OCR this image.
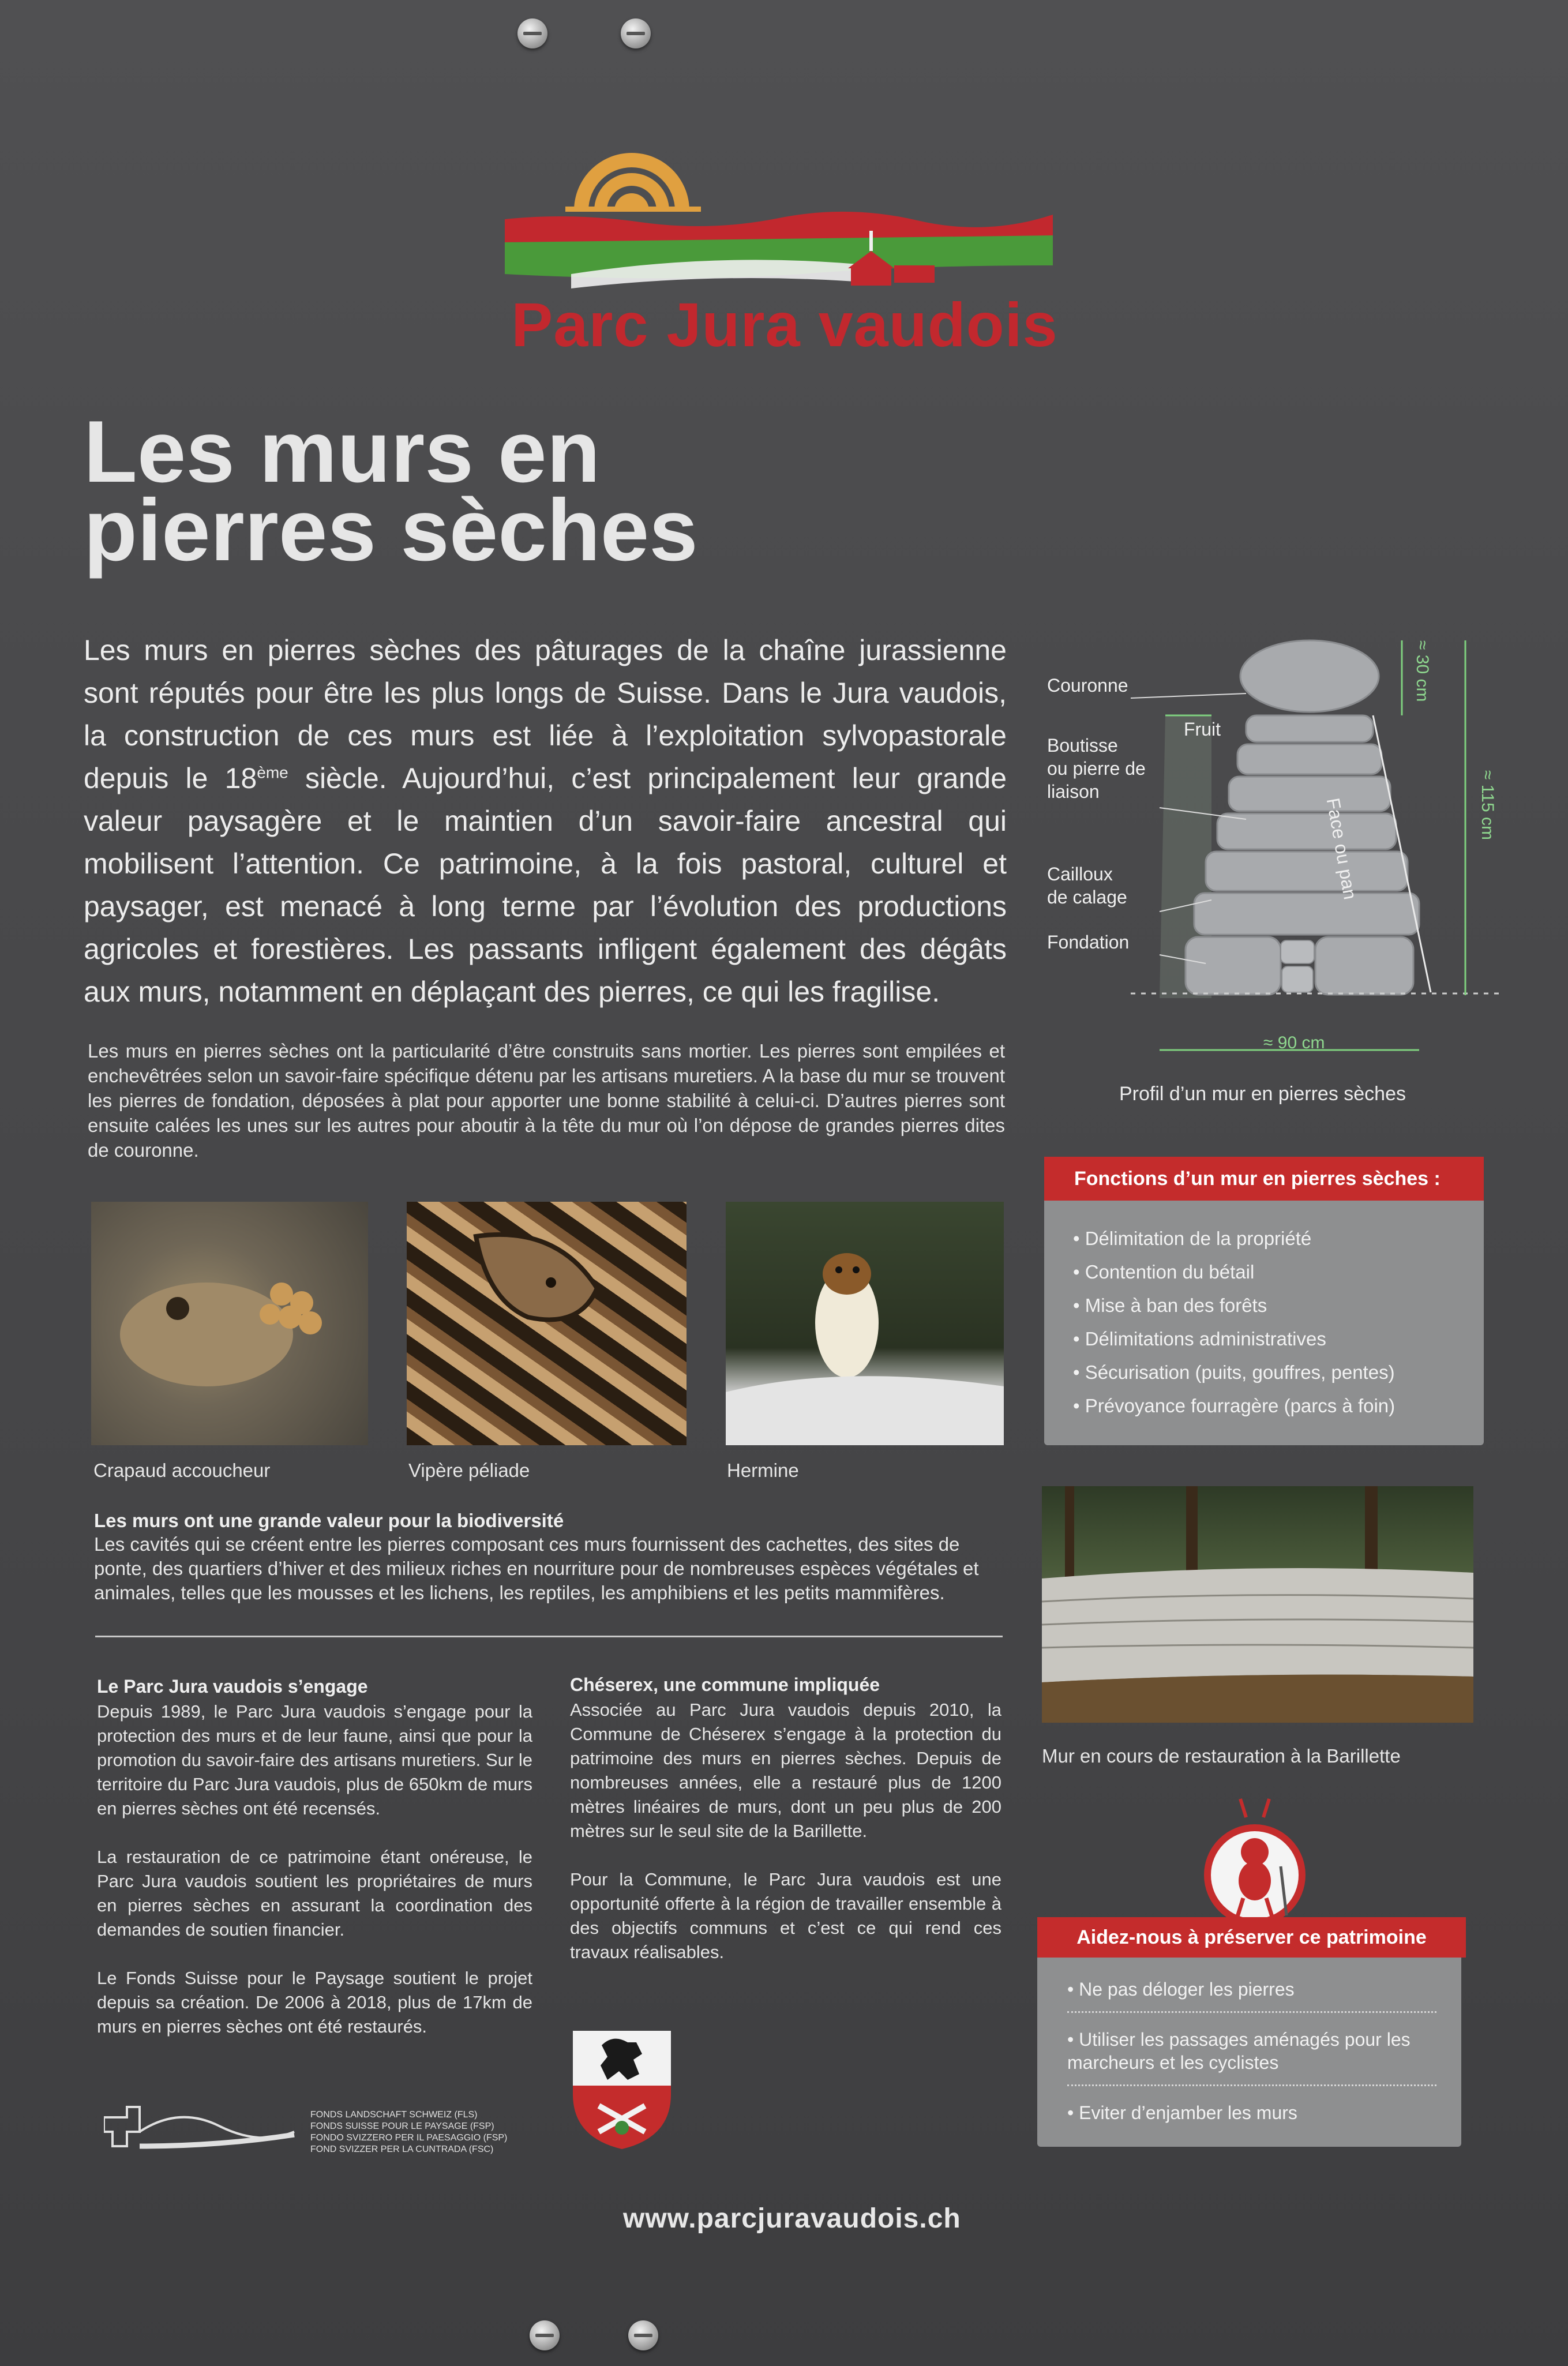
Parc Jura vaudois
Les murs en
pierres sèches
Les murs en pierres sèches des pâturages de la chaîne jurassienne sont réputés pour être les plus longs de Suisse. Dans le Jura vaudois, la construction de ces murs est liée à l’exploitation sylvopastorale depuis le 18ème siècle. Aujourd’hui, c’est principalement leur grande valeur paysagère et le maintien d’un savoir-faire ancestral qui mobilisent l’attention. Ce patrimoine, à la fois pastoral, culturel et paysager, est menacé à long terme par l’évolution des productions agricoles et forestières. Les passants infligent également des dégâts aux murs, notamment en déplaçant des pierres, ce qui les fragilise.
Les murs en pierres sèches ont la particularité d’être construits sans mortier. Les pierres sont empilées et enchevêtrées selon un savoir-faire spécifique détenu par les artisans muretiers. A la base du mur se trouvent les pierres de fondation, déposées à plat pour apporter une bonne stabilité à celui-ci. D’autres pierres sont ensuite calées les unes sur les autres pour aboutir à la tête du mur où l’on dépose de grandes pierres dites de couronne.
Couronne
Boutisse
ou pierre de
liaison
Cailloux
de calage
Fondation
Fruit
Face ou pan
≈ 30 cm
≈ 115 cm
≈ 90 cm
Profil d’un mur en pierres sèches
Crapaud accoucheur	Vipère péliade	Hermine
Les murs ont une grande valeur pour la biodiversité
Les cavités qui se créent entre les pierres composant ces murs fournissent des cachettes, des sites de ponte, des quartiers d’hiver et des milieux riches en nourriture pour de nombreuses espèces végétales et animales, telles que les mousses et les lichens, les reptiles, les amphibiens et les petits mammifères.
Le Parc Jura vaudois s’engage

Depuis 1989, le Parc Jura vaudois s’engage pour la protection des murs et de leur faune, ainsi que pour la promotion du savoir-faire des artisans muretiers. Sur le territoire du Parc Jura vaudois, plus de 650km de murs en pierres sèches ont été recensés.

La restauration de ce patrimoine étant onéreuse, le Parc Jura vaudois soutient les propriétaires de murs en pierres sèches en assurant la coordination des demandes de soutien financier.

Le Fonds Suisse pour le Paysage soutient le projet depuis sa création. De 2006 à 2018, plus de 17km de murs en pierres sèches ont été restaurés.

Chéserex, une commune impliquée

Associée au Parc Jura vaudois depuis 2010, la Commune de Chéserex s’engage à la protection du patrimoine des murs en pierres sèches. Depuis de nombreuses années, elle a restauré plus de 1200 mètres linéaires de murs, dont un peu plus de 200 mètres sur le seul site de la Barillette.

Pour la Commune, le Parc Jura vaudois est une opportunité offerte à la région de travailler ensemble à des objectifs communs et c’est ce qui rend ces travaux réalisables.

Fonctions d’un mur en pierres sèches :
• Délimitation de la propriété
• Contention du bétail
• Mise à ban des forêts
• Délimitations administratives
• Sécurisation (puits, gouffres, pentes)
• Prévoyance fourragère (parcs à foin)
Mur en cours de restauration à la Barillette
Aidez-nous à préserver ce patrimoine
• Ne pas déloger les pierres
• Utiliser les passages aménagés pour les marcheurs et les cyclistes
• Eviter d’enjamber les murs
FONDS LANDSCHAFT SCHWEIZ (FLS)
FONDS SUISSE POUR LE PAYSAGE (FSP)
FONDO SVIZZERO PER IL PAESAGGIO (FSP)
FOND SVIZZER PER LA CUNTRADA (FSC)
www.parcjuravaudois.ch
